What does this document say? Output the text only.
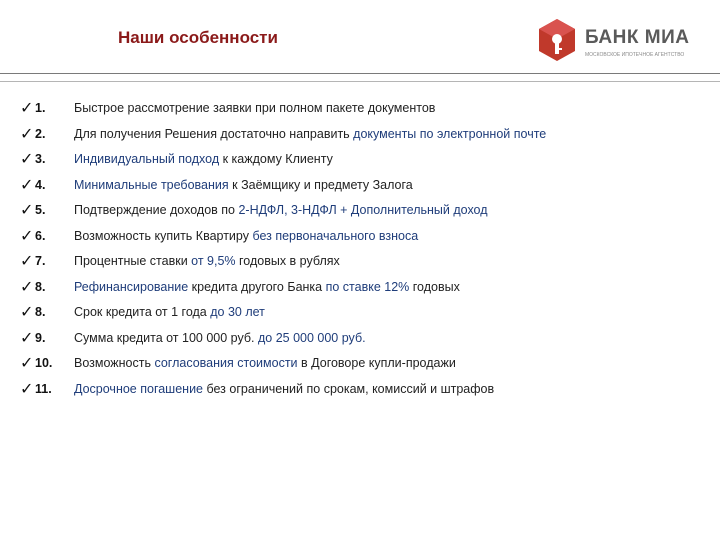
Наши особенности	БАНК МИА
МОСКОВСКОЕ ИПОТЕЧНОЕ АГЕНТСТВО
✓ 1. Быстрое рассмотрение заявки при полном пакете документов
✓ 2. Для получения Решения достаточно направить документы по электронной почте
✓ 3. Индивидуальный подход к каждому Клиенту
✓ 4. Минимальные требования к Заёмщику и предмету Залога
✓ 5. Подтверждение доходов по 2-НДФЛ, 3-НДФЛ + Дополнительный доход
✓ 6. Возможность купить Квартиру без первоначального взноса
✓ 7. Процентные ставки от 9,5% годовых в рублях
✓ 8. Рефинансирование кредита другого Банка по ставке 12% годовых
✓ 8. Срок кредита от 1 года до 30 лет
✓ 9. Сумма кредита от 100 000 руб. до 25 000 000 руб.
✓ 10. Возможность согласования стоимости в Договоре купли-продажи
✓ 11. Досрочное погашение без ограничений по срокам, комиссий и штрафов
